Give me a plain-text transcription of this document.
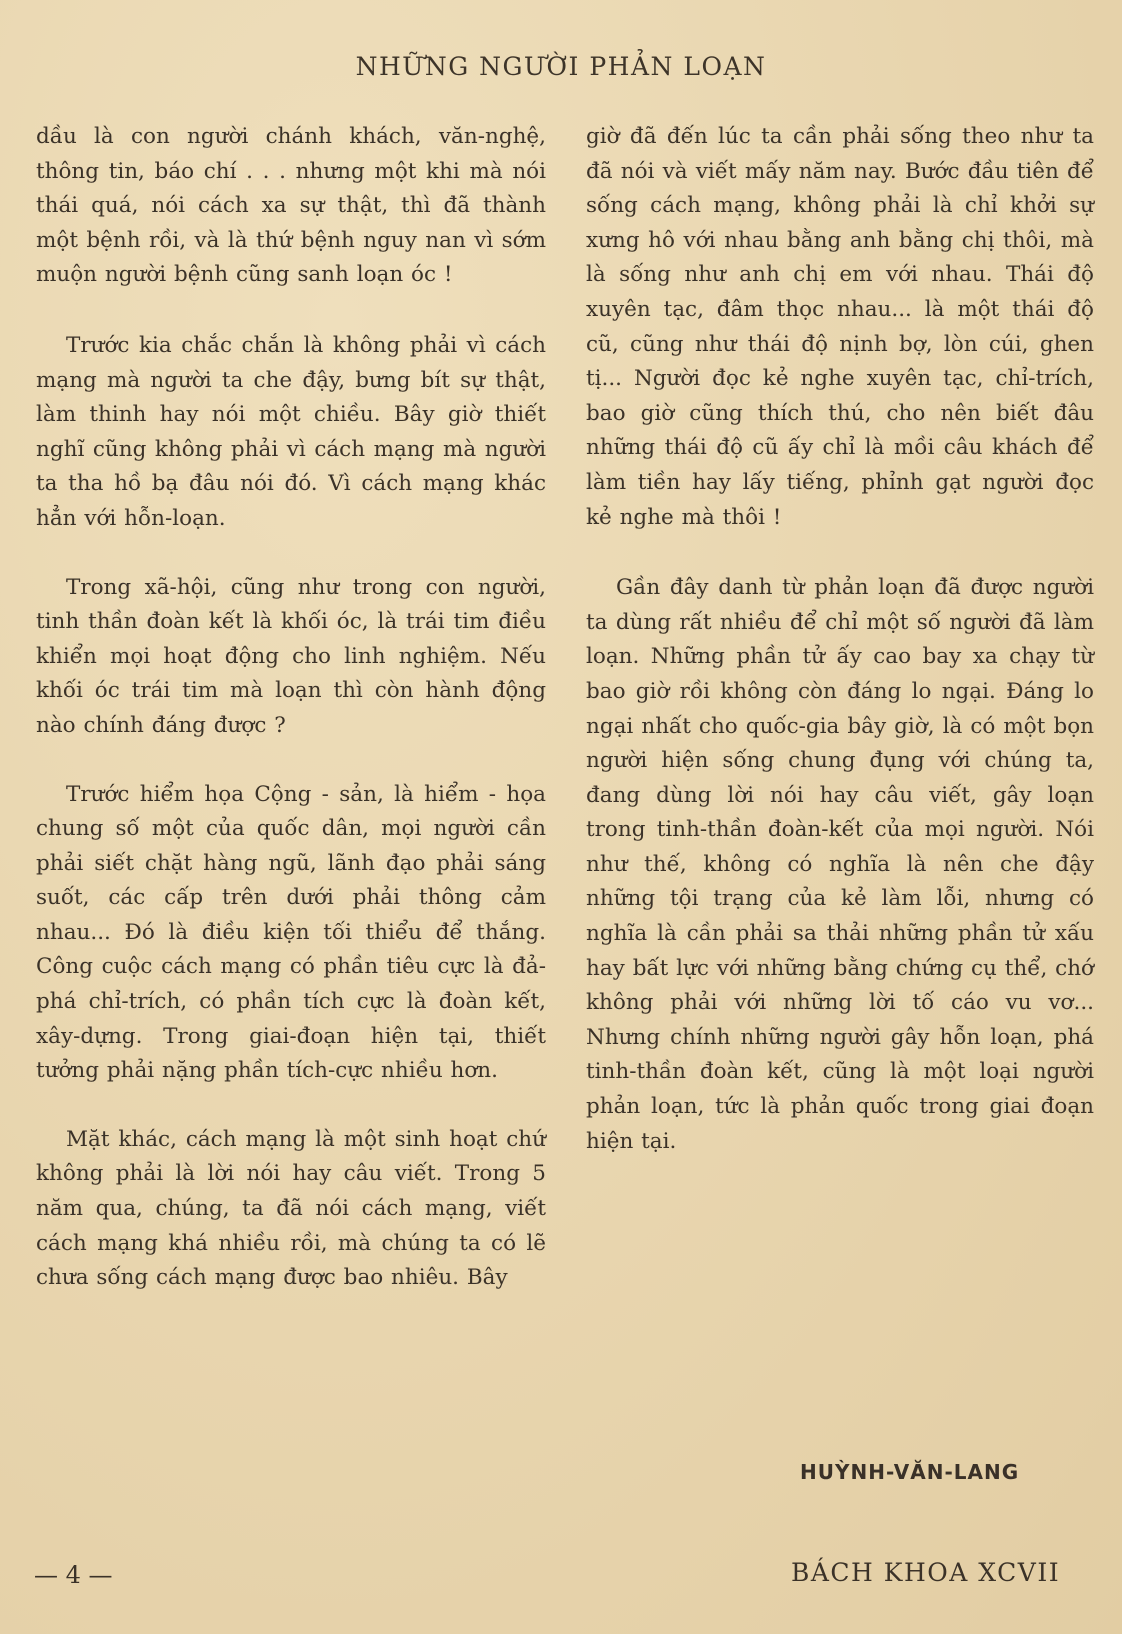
NHỮNG NGƯỜI PHẢN LOẠN

dầu là con người chánh khách, văn-nghệ, thông tin, báo chí . . . nhưng một khi mà nói thái quá, nói cách xa sự thật, thì đã thành một bệnh rồi, và là thứ bệnh nguy nan vì sớm muộn người bệnh cũng sanh loạn óc !

Trước kia chắc chắn là không phải vì cách mạng mà người ta che đậy, bưng bít sự thật, làm thinh hay nói một chiều. Bây giờ thiết nghĩ cũng không phải vì cách mạng mà người ta tha hồ bạ đâu nói đó. Vì cách mạng khác hẳn với hỗn-loạn.

Trong xã-hội, cũng như trong con người, tinh thần đoàn kết là khối óc, là trái tim điều khiển mọi hoạt động cho linh nghiệm. Nếu khối óc trái tim mà loạn thì còn hành động nào chính đáng được ?

Trước hiểm họa Cộng - sản, là hiểm - họa chung số một của quốc dân, mọi người cần phải siết chặt hàng ngũ, lãnh đạo phải sáng suốt, các cấp trên dưới phải thông cảm nhau... Đó là điều kiện tối thiểu để thắng. Công cuộc cách mạng có phần tiêu cực là đả-phá chỉ-trích, có phần tích cực là đoàn kết, xây-dựng. Trong giai-đoạn hiện tại, thiết tưởng phải nặng phần tích-cực nhiều hơn.

Mặt khác, cách mạng là một sinh hoạt chứ không phải là lời nói hay câu viết. Trong 5 năm qua, chúng, ta đã nói cách mạng, viết cách mạng khá nhiều rồi, mà chúng ta có lẽ chưa sống cách mạng được bao nhiêu. Bây

giờ đã đến lúc ta cần phải sống theo như ta đã nói và viết mấy năm nay. Bước đầu tiên để sống cách mạng, không phải là chỉ khởi sự xưng hô với nhau bằng anh bằng chị thôi, mà là sống như anh chị em với nhau. Thái độ xuyên tạc, đâm thọc nhau... là một thái độ cũ, cũng như thái độ nịnh bợ, lòn cúi, ghen tị... Người đọc kẻ nghe xuyên tạc, chỉ-trích, bao giờ cũng thích thú, cho nên biết đâu những thái độ cũ ấy chỉ là mồi câu khách để làm tiền hay lấy tiếng, phỉnh gạt người đọc kẻ nghe mà thôi !

Gần đây danh từ phản loạn đã được người ta dùng rất nhiều để chỉ một số người đã làm loạn. Những phần tử ấy cao bay xa chạy từ bao giờ rồi không còn đáng lo ngại. Đáng lo ngại nhất cho quốc-gia bây giờ, là có một bọn người hiện sống chung đụng với chúng ta, đang dùng lời nói hay câu viết, gây loạn trong tinh-thần đoàn-kết của mọi người. Nói như thế, không có nghĩa là nên che đậy những tội trạng của kẻ làm lỗi, nhưng có nghĩa là cần phải sa thải những phần tử xấu hay bất lực với những bằng chứng cụ thể, chớ không phải với những lời tố cáo vu vơ... Nhưng chính những người gây hỗn loạn, phá tinh-thần đoàn kết, cũng là một loại người phản loạn, tức là phản quốc trong giai đoạn hiện tại.

HUỲNH-VĂN-LANG
— 4 —	BÁCH KHOA XCVII
